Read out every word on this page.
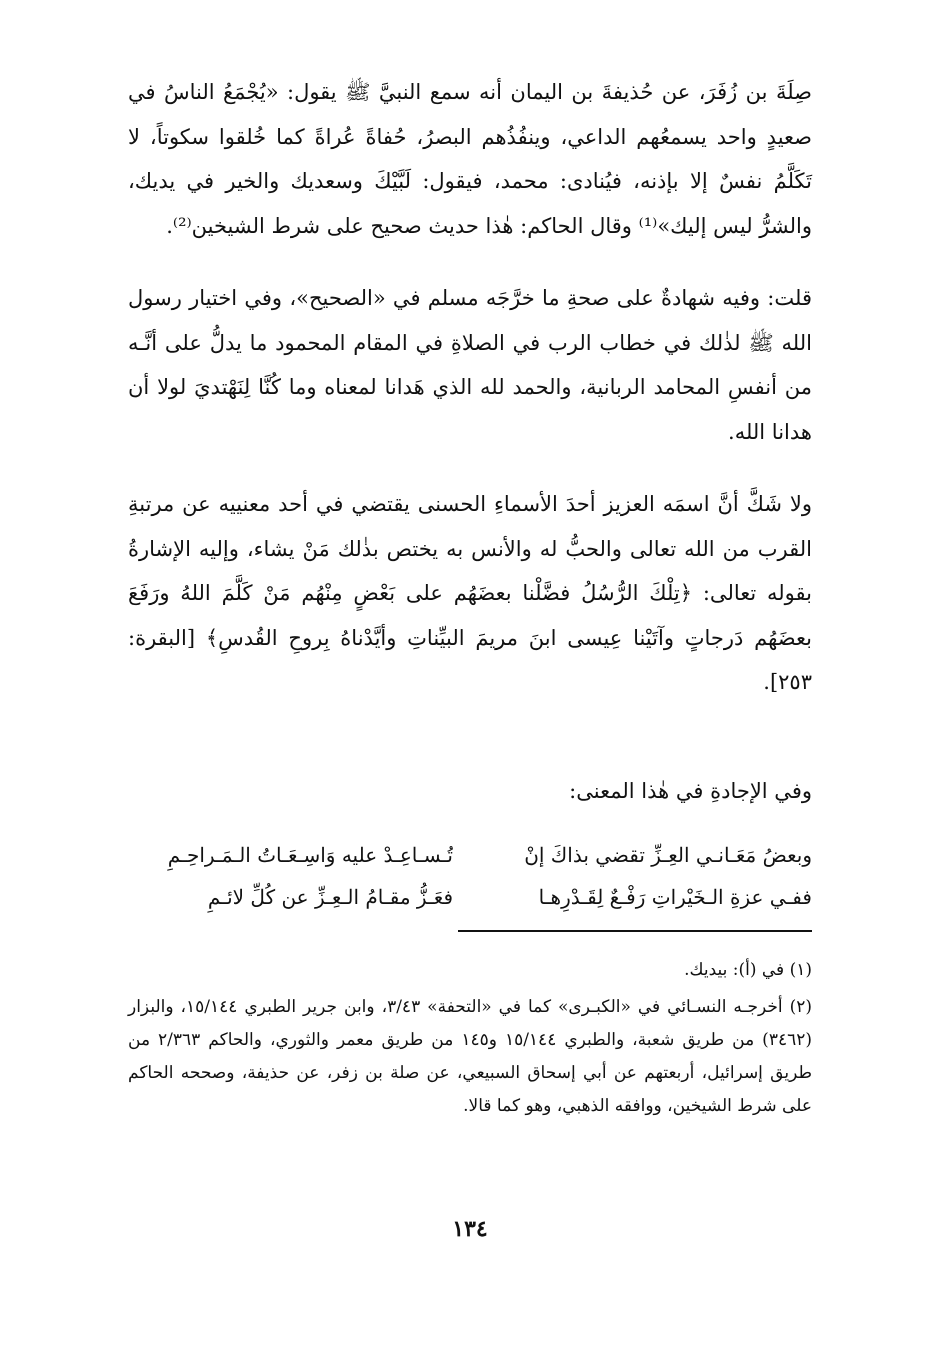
صِلَةَ بن زُفَرَ، عن حُذيفةَ بن اليمان أنه سمع النبيَّ ﷺ يقول: «يُجْمَعُ الناسُ في صعيدٍ واحد يسمعُهم الداعي، وينفُذُهم البصرُ، حُفاةً عُراةً كما خُلقوا سكوتاً، لا تَكَلَّمُ نفسٌ إلا بإذنه، فيُنادى: محمد، فيقول: لَبَّيْكَ وسعديك والخير في يديك، والشرُّ ليس إليك»⁽¹⁾ وقال الحاكم: هٰذا حديث صحيح على شرط الشيخين⁽²⁾.

قلت: وفيه شهادةٌ على صحةِ ما خرَّجَه مسلم في «الصحيح»، وفي اختيار رسول الله ﷺ لذٰلك في خطاب الرب في الصلاةِ في المقام المحمود ما يدلُّ على أنَّـه من أنفسِ المحامد الربانية، والحمد لله الذي هَدانا لمعناه وما كُنَّا لِنَهْتديَ لولا أن هدانا الله.

ولا شَكَّ أنَّ اسمَه العزيز أحدَ الأسماءِ الحسنى يقتضي في أحد معنييه عن مرتبةِ القرب من الله تعالى والحبُّ له والأنس به يختص بذٰلك مَنْ يشاء، وإليه الإشارةُ بقوله تعالى: ﴿تِلْكَ الرُّسُلُ فضَّلْنا بعضَهُم على بَعْضٍ مِنْهُم مَنْ كَلَّمَ اللهُ ورَفَعَ بعضَهُم دَرجاتٍ وآتَيْنا عِيسى ابنَ مريمَ البيِّناتِ وأيَّدْناهُ بِروحِ القُدسِ﴾ [البقرة: ٢٥٣].

وفي الإجادةِ في هٰذا المعنى:
وبعضُ مَعَـانـي العِـزِّ تقضي بذاكَ إنْ
تُـسـاعِـدْ عليه وَاسِـعَـاتُ الـمَـراحِـمِ
ففـي عزةِ الـخَيْراتِ رَفْـعٌ لِقَـدْرِهـا
فعَـزُّ مقـامُ الـعِـزِّ عن كُلِّ لائـمِ

(١) في (أ): بيديك.

(٢) أخرجـه النسـائي في «الكبـرى» كما في «التحفة» ٣/٤٣، وابن جرير الطبري ١٥/١٤٤، والبزار (٣٤٦٢) من طريق شعبة، والطبري ١٥/١٤٤ و١٤٥ من طريق معمر والثوري، والحاكم ٢/٣٦٣ من طريق إسرائيل، أربعتهم عن أبي إسحاق السبيعي، عن صلة بن زفر، عن حذيفة، وصححه الحاكم على شرط الشيخين، ووافقه الذهبي، وهو كما قالا.

١٣٤
